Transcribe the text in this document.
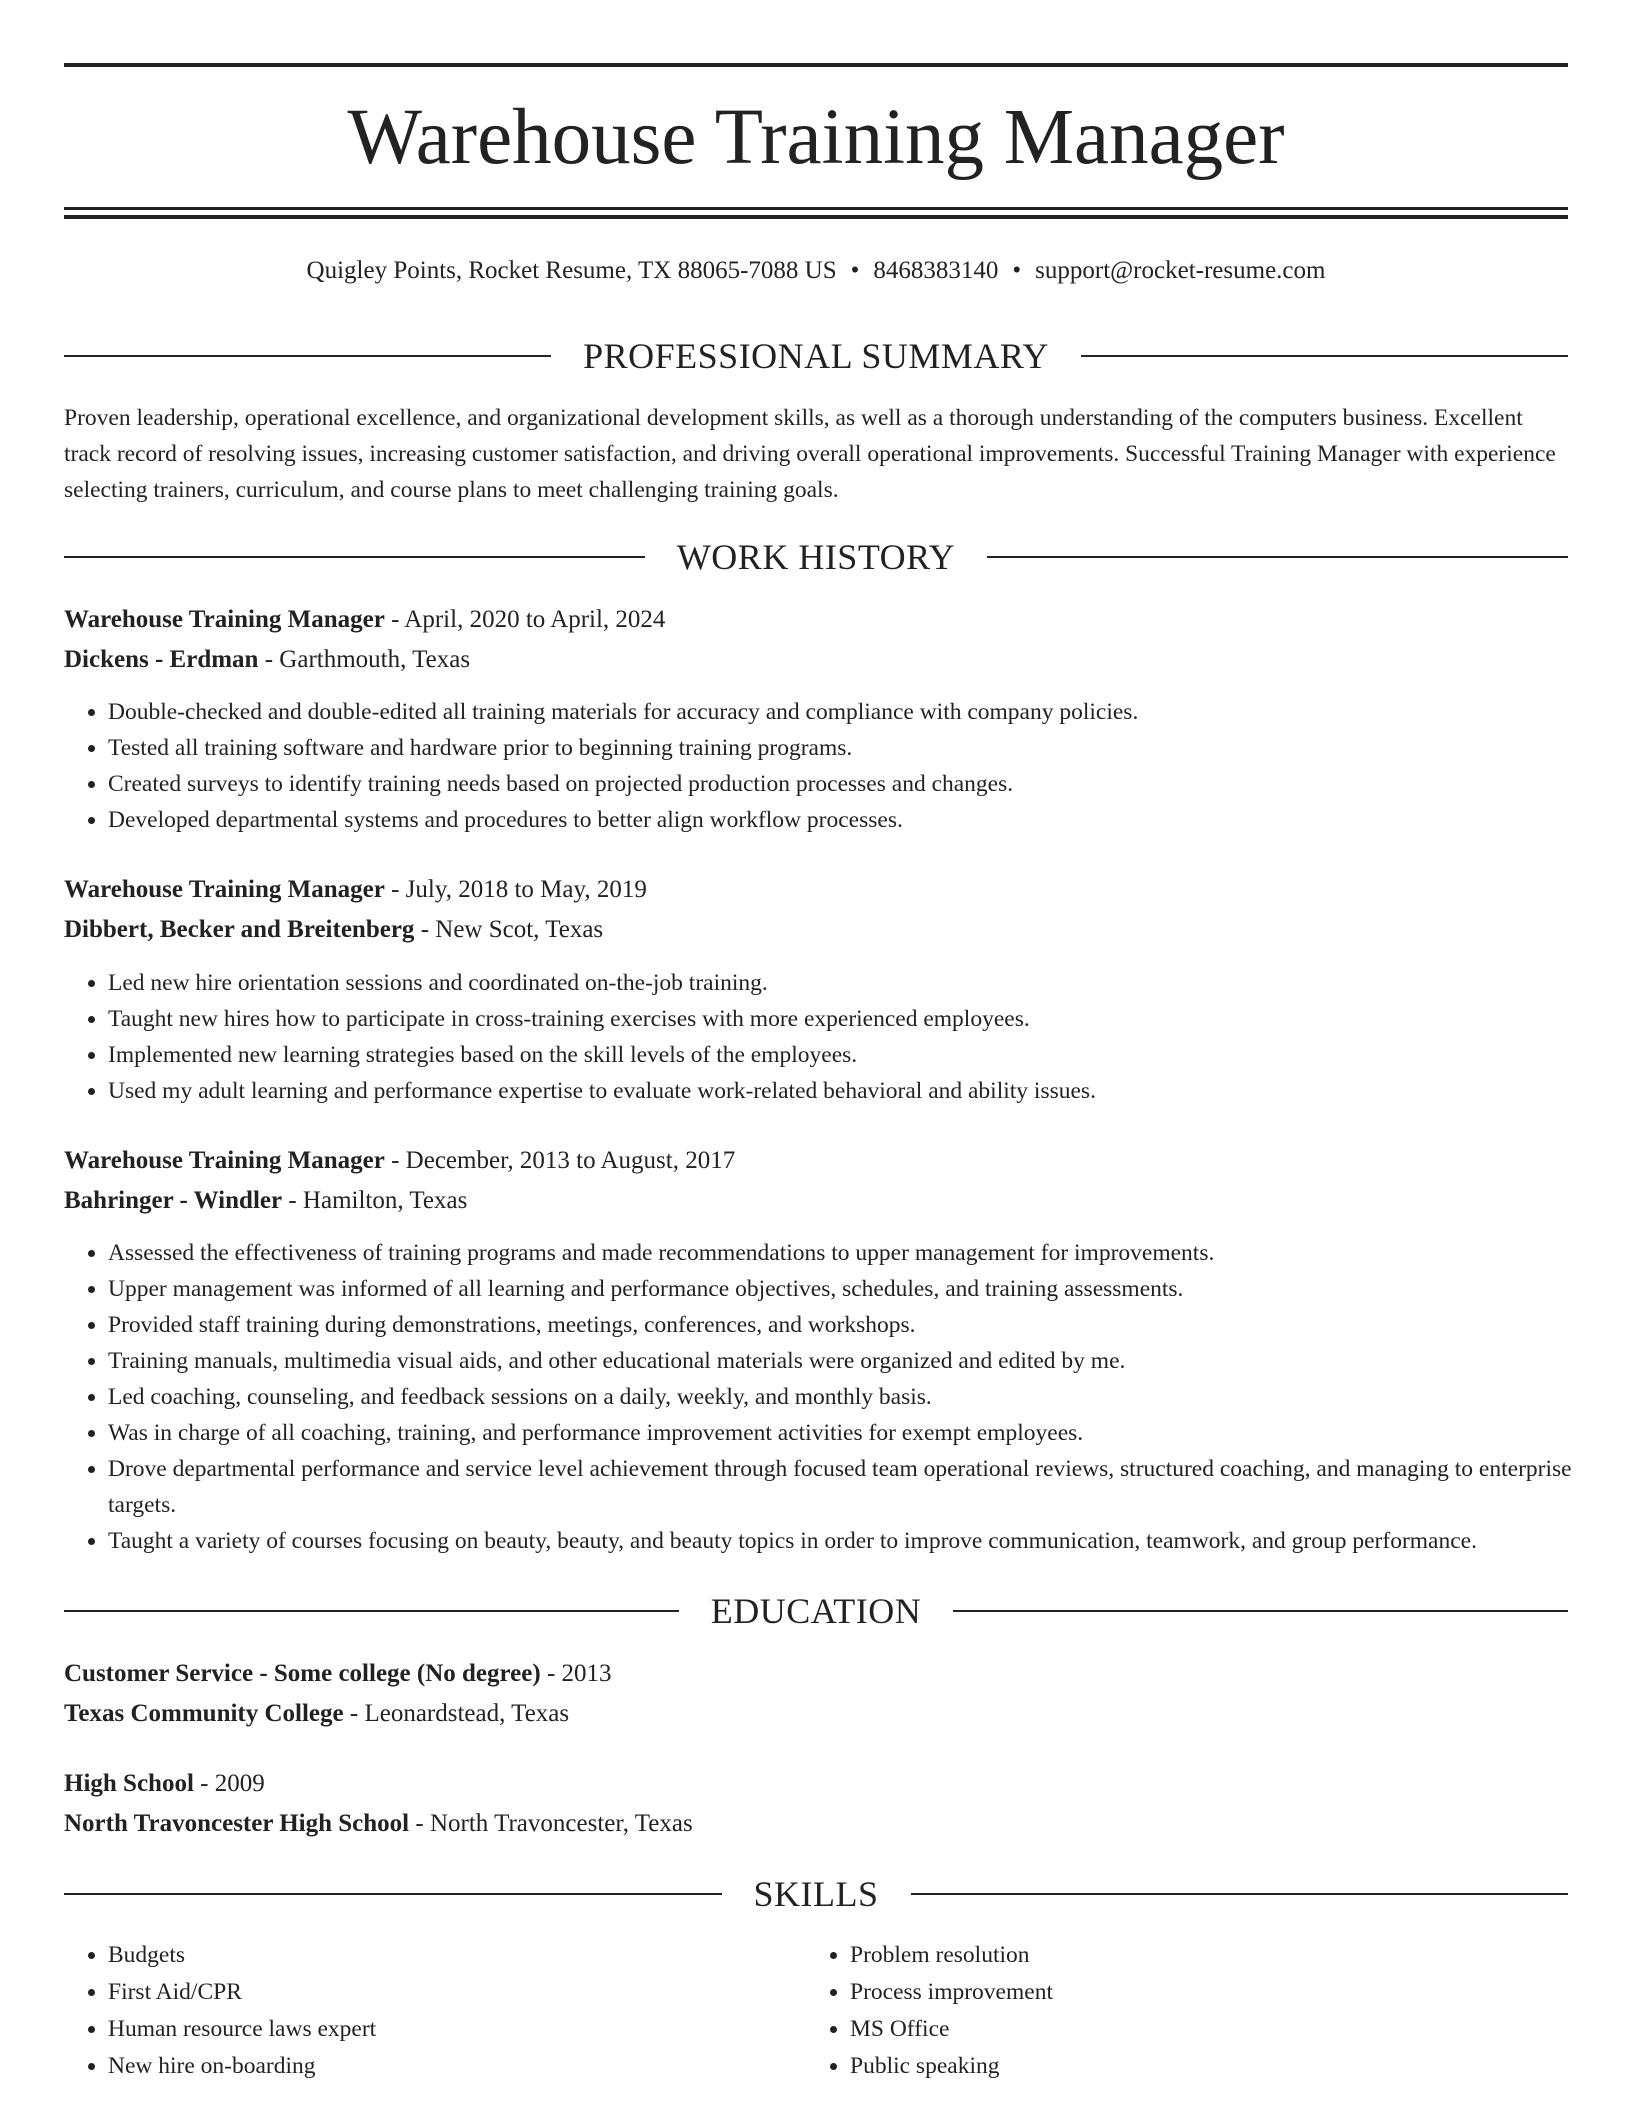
Warehouse Training Manager
Quigley Points, Rocket Resume, TX 88065-7088 US • 8468383140 • support@rocket-resume.com
PROFESSIONAL SUMMARY

Proven leadership, operational excellence, and organizational development skills, as well as a thorough understanding of the computers business. Excellent track record of resolving issues, increasing customer satisfaction, and driving overall operational improvements. Successful Training Manager with experience selecting trainers, curriculum, and course plans to meet challenging training goals.

WORK HISTORY
Warehouse Training Manager - April, 2020 to April, 2024
Dickens - Erdman - Garthmouth, Texas
• Double-checked and double-edited all training materials for accuracy and compliance with company policies.
• Tested all training software and hardware prior to beginning training programs.
• Created surveys to identify training needs based on projected production processes and changes.
• Developed departmental systems and procedures to better align workflow processes.
Warehouse Training Manager - July, 2018 to May, 2019
Dibbert, Becker and Breitenberg - New Scot, Texas
• Led new hire orientation sessions and coordinated on-the-job training.
• Taught new hires how to participate in cross-training exercises with more experienced employees.
• Implemented new learning strategies based on the skill levels of the employees.
• Used my adult learning and performance expertise to evaluate work-related behavioral and ability issues.
Warehouse Training Manager - December, 2013 to August, 2017
Bahringer - Windler - Hamilton, Texas
• Assessed the effectiveness of training programs and made recommendations to upper management for improvements.
• Upper management was informed of all learning and performance objectives, schedules, and training assessments.
• Provided staff training during demonstrations, meetings, conferences, and workshops.
• Training manuals, multimedia visual aids, and other educational materials were organized and edited by me.
• Led coaching, counseling, and feedback sessions on a daily, weekly, and monthly basis.
• Was in charge of all coaching, training, and performance improvement activities for exempt employees.
• Drove departmental performance and service level achievement through focused team operational reviews, structured coaching, and managing to enterprise targets.
• Taught a variety of courses focusing on beauty, beauty, and beauty topics in order to improve communication, teamwork, and group performance.
EDUCATION
Customer Service - Some college (No degree) - 2013
Texas Community College - Leonardstead, Texas
High School - 2009
North Travoncester High School - North Travoncester, Texas
SKILLS
• Budgets
• First Aid/CPR
• Human resource laws expert
• New hire on-boarding
• Problem resolution
• Process improvement
• MS Office
• Public speaking
